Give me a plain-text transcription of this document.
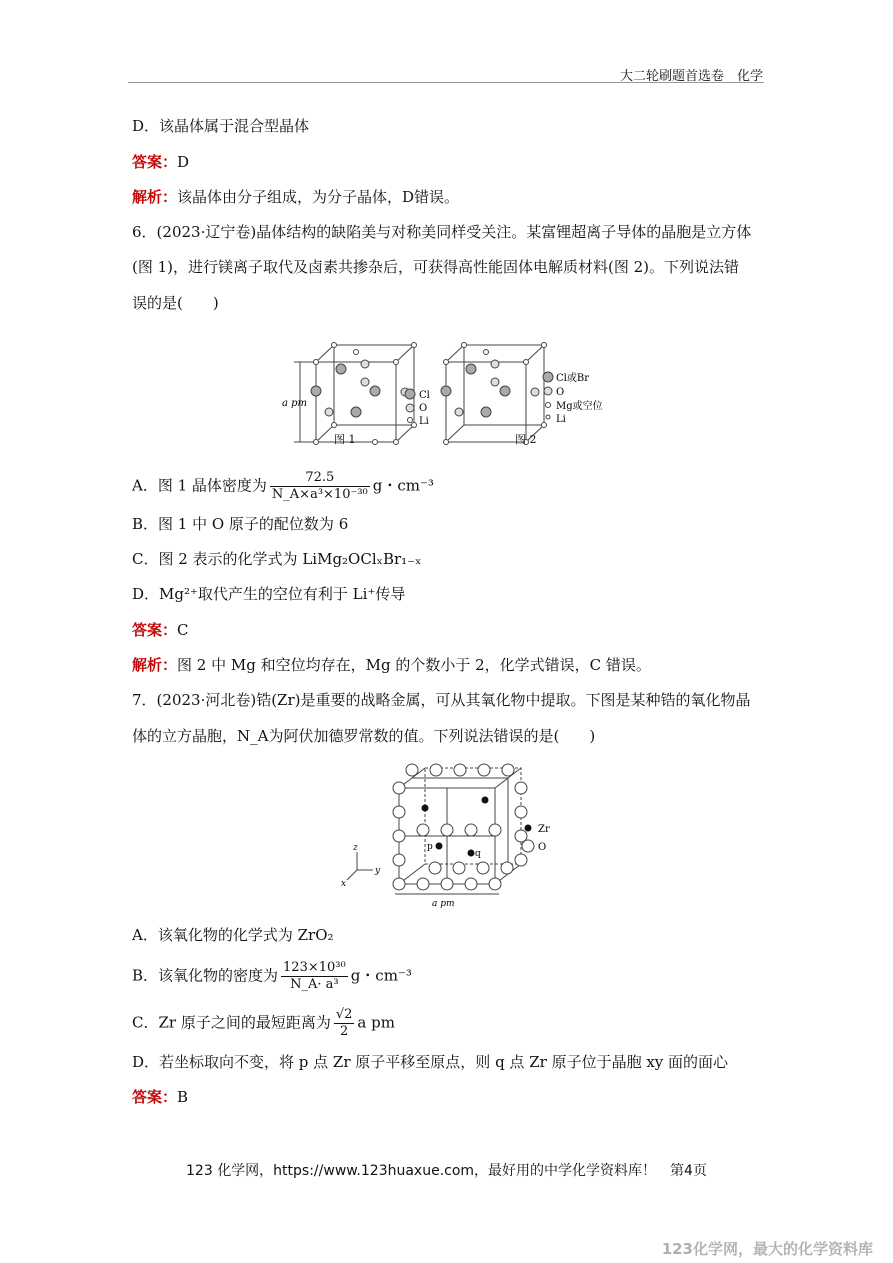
大二轮刷题首选卷　化学
D．该晶体属于混合型晶体
答案：D
解析：该晶体由分子组成，为分子晶体，D错误。
6．(2023·辽宁卷)晶体结构的缺陷美与对称美同样受关注。某富锂超离子导体的晶胞是立方体
(图 1)，进行镁离子取代及卤素共掺杂后，可获得高性能固体电解质材料(图 2)。下列说法错
误的是(　　)
a pm
Cl
O
Li
Cl或Br
O
Mg或空位
Li
图 1	图 2
A．图 1 晶体密度为 $\frac{72.5}{\text{N\_A×a³×10⁻³⁰}}$ g・cm⁻³
B．图 1 中 O 原子的配位数为 6
C．图 2 表示的化学式为 LiMg₂OClₓBr₁₋ₓ
D．Mg²⁺取代产生的空位有利于 Li⁺传导
答案：C
解析：图 2 中 Mg 和空位均存在，Mg 的个数小于 2，化学式错误，C 错误。
7．(2023·河北卷)锆(Zr)是重要的战略金属，可从其氧化物中提取。下图是某种锆的氧化物晶
体的立方晶胞，N_A为阿伏加德罗常数的值。下列说法错误的是(　　)
p
q
z
y
x
a pm
Zr
O
A．该氧化物的化学式为 ZrO₂
B．该氧化物的密度为 $\frac{\text{123×10³⁰}}{\text{N\_A· a³}}$ g・cm⁻³
C．Zr 原子之间的最短距离为 $\frac{√2}{2}$ a pm
D．若坐标取向不变，将 p 点 Zr 原子平移至原点，则 q 点 Zr 原子位于晶胞 xy 面的面心
答案：B
123 化学网，https://www.123huaxue.com，最好用的中学化学资料库！　第4页
123化学网，最大的化学资料库
